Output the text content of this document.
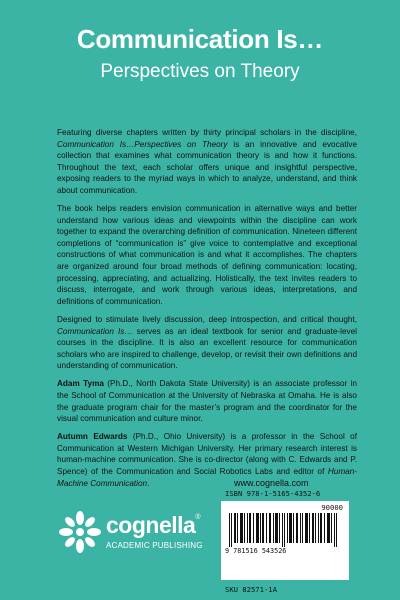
Communication Is…
Perspectives on Theory

Featuring diverse chapters written by thirty principal scholars in the discipline, Communication Is…Perspectives on Theory is an innovative and evocative collection that examines what communication theory is and how it functions. Throughout the text, each scholar offers unique and insightful perspective, exposing readers to the myriad ways in which to analyze, understand, and think about communication.

The book helps readers envision communication in alternative ways and better understand how various ideas and viewpoints within the discipline can work together to expand the overarching definition of communication. Nineteen different completions of “communication is” give voice to contemplative and exceptional constructions of what communication is and what it accomplishes. The chapters are organized around four broad methods of defining communication: locating, processing, appreciating, and actualizing. Holistically, the text invites readers to discuss, interrogate, and work through various ideas, interpretations, and definitions of communication.

Designed to stimulate lively discussion, deep introspection, and critical thought, Communication Is… serves as an ideal textbook for senior and graduate-level courses in the discipline. It is also an excellent resource for communication scholars who are inspired to challenge, develop, or revisit their own definitions and understanding of communication.

Adam Tyma (Ph.D., North Dakota State University) is an associate professor in the School of Communication at the University of Nebraska at Omaha. He is also the graduate program chair for the master’s program and the coordinator for the visual communication and culture minor.

Autumn Edwards (Ph.D., Ohio University) is a professor in the School of Communication at Western Michigan University. Her primary research interest is human-machine communication. She is co-director (along with C. Edwards and P. Spence) of the Communication and Social Robotics Labs and editor of Human-Machine Communication.	www.cognella.com
ISBN 978-1-5165-4352-6
90000
9 781516 543526
SKU 82571-1A
cognella®
ACADEMIC PUBLISHING
